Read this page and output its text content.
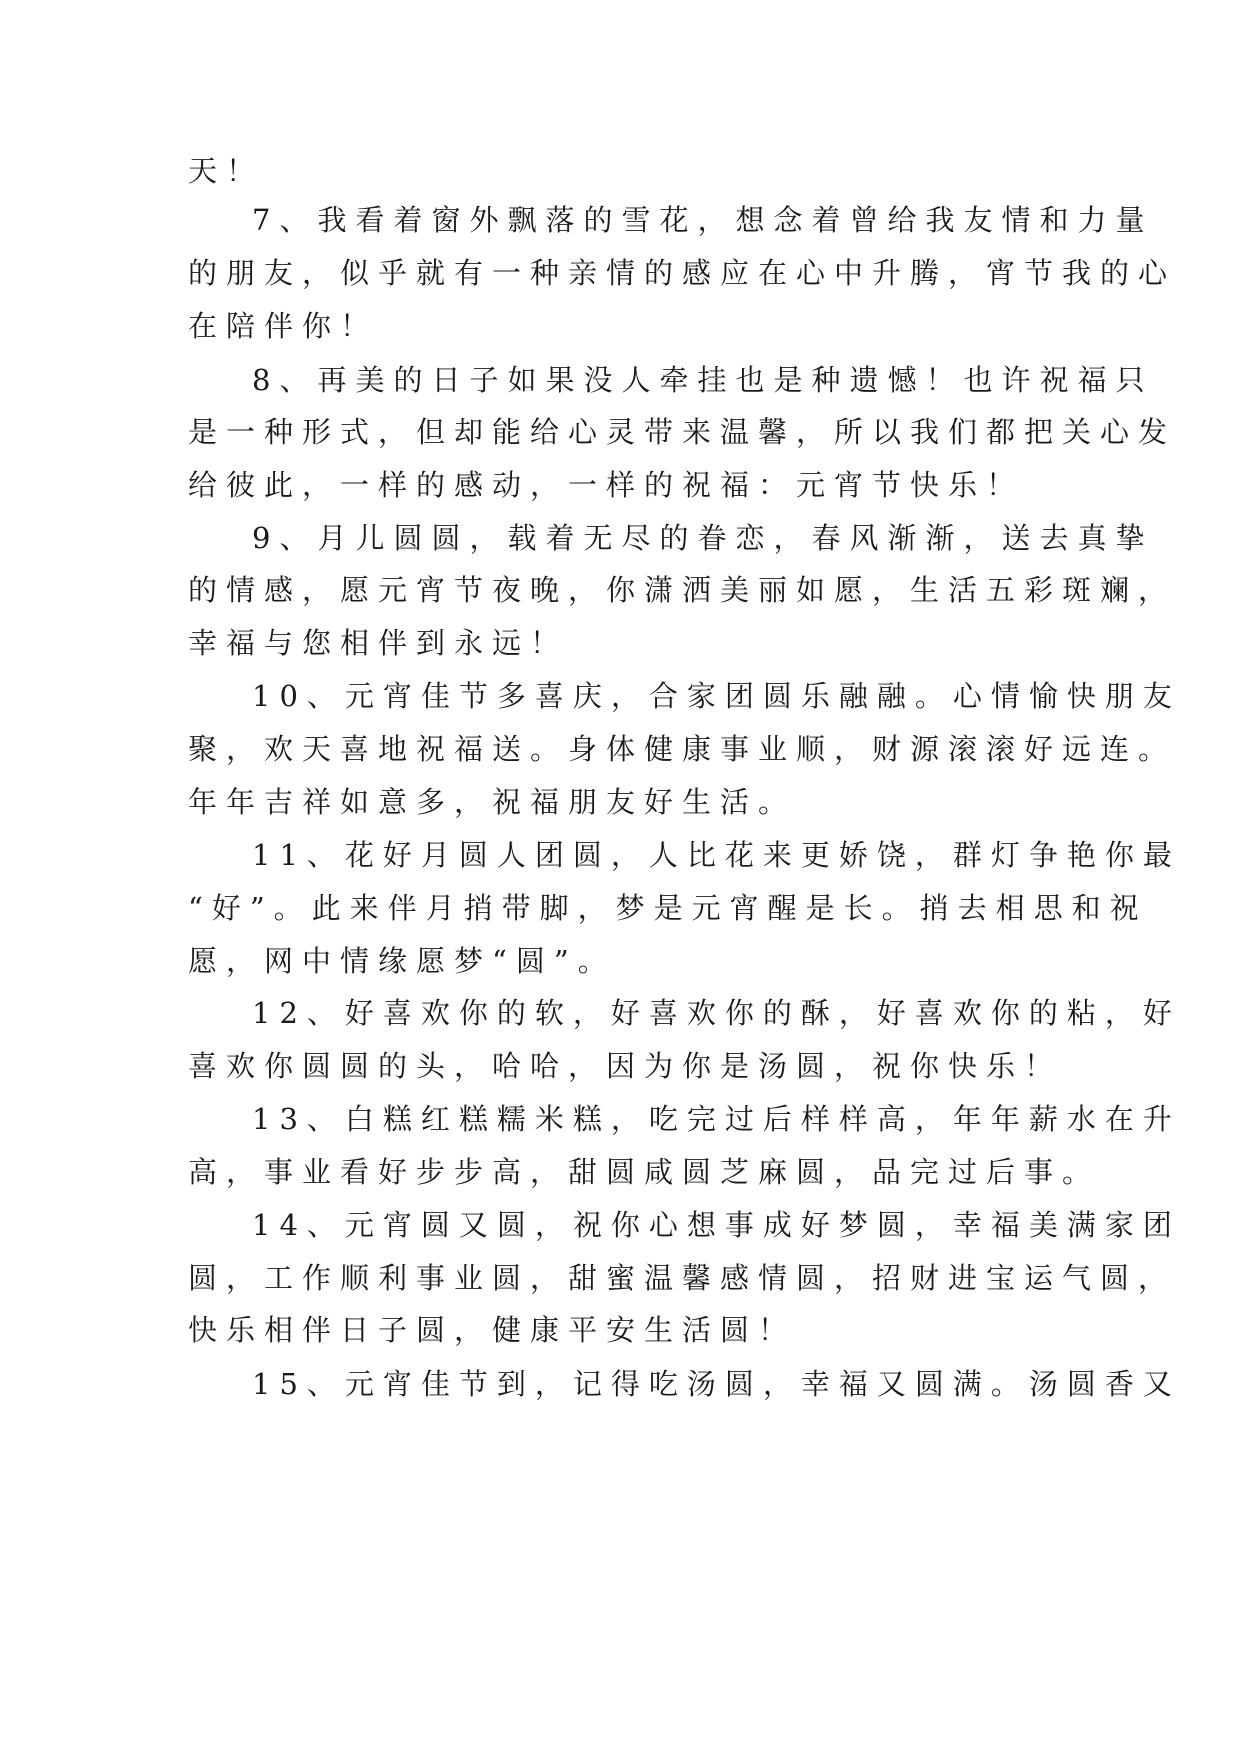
天！
7、我看着窗外飘落的雪花，想念着曾给我友情和力量
的朋友，似乎就有一种亲情的感应在心中升腾，宵节我的心
在陪伴你！
8、再美的日子如果没人牵挂也是种遗憾！也许祝福只
是一种形式，但却能给心灵带来温馨，所以我们都把关心发
给彼此，一样的感动，一样的祝福：元宵节快乐！
9、月儿圆圆，载着无尽的眷恋，春风渐渐，送去真挚
的情感，愿元宵节夜晚，你潇洒美丽如愿，生活五彩斑斓，
幸福与您相伴到永远！
10、元宵佳节多喜庆，合家团圆乐融融。心情愉快朋友
聚，欢天喜地祝福送。身体健康事业顺，财源滚滚好远连。
年年吉祥如意多，祝福朋友好生活。
11、花好月圆人团圆，人比花来更娇饶，群灯争艳你最
“好”。此来伴月捎带脚，梦是元宵醒是长。捎去相思和祝
愿，网中情缘愿梦“圆”。
12、好喜欢你的软，好喜欢你的酥，好喜欢你的粘，好
喜欢你圆圆的头，哈哈，因为你是汤圆，祝你快乐！
13、白糕红糕糯米糕，吃完过后样样高，年年薪水在升
高，事业看好步步高，甜圆咸圆芝麻圆，品完过后事。
14、元宵圆又圆，祝你心想事成好梦圆，幸福美满家团
圆，工作顺利事业圆，甜蜜温馨感情圆，招财进宝运气圆，
快乐相伴日子圆，健康平安生活圆！
15、元宵佳节到，记得吃汤圆，幸福又圆满。汤圆香又
